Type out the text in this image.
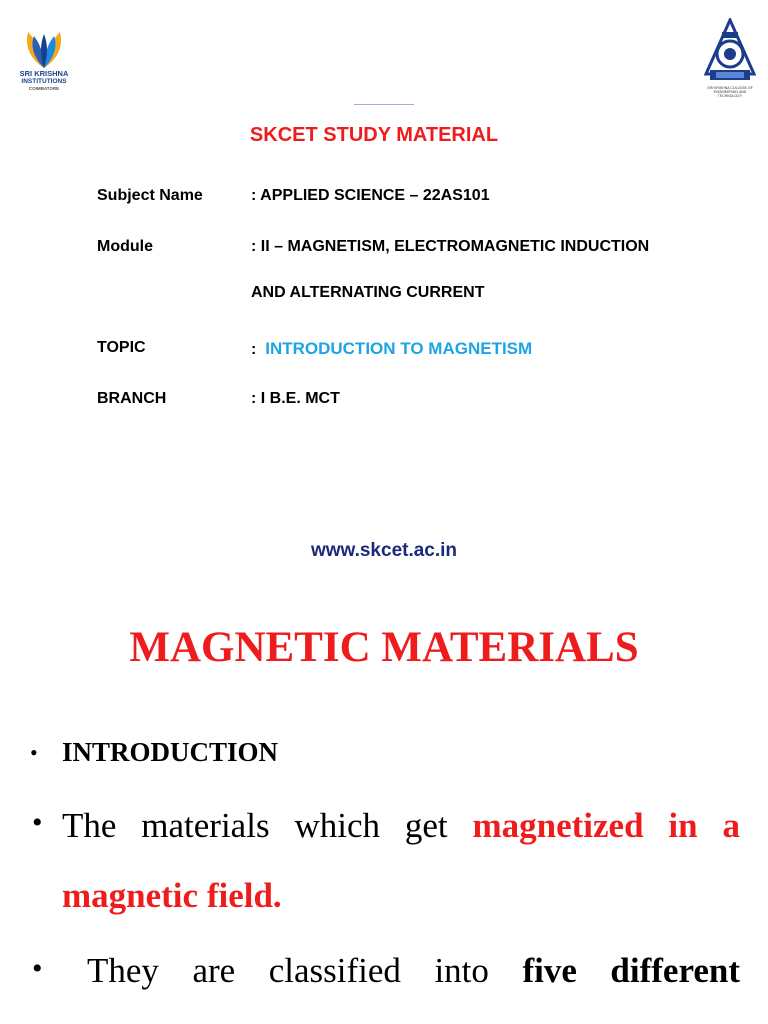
SRI KRISHNA
INSTITUTIONS
COIMBATORE	SRI KRISHNA COLLEGE OF ENGINEERING AND TECHNOLOGY
SKCET STUDY MATERIAL
Subject Name	: APPLIED SCIENCE – 22AS101
Module	: II – MAGNETISM, ELECTROMAGNETIC INDUCTION
AND ALTERNATING CURRENT
TOPIC	: INTRODUCTION TO MAGNETISM
BRANCH	: I B.E. MCT
www.skcet.ac.in
MAGNETIC MATERIALS
• INTRODUCTION
• The materials which get magnetized in a
magnetic field.
• They are classified into five different
